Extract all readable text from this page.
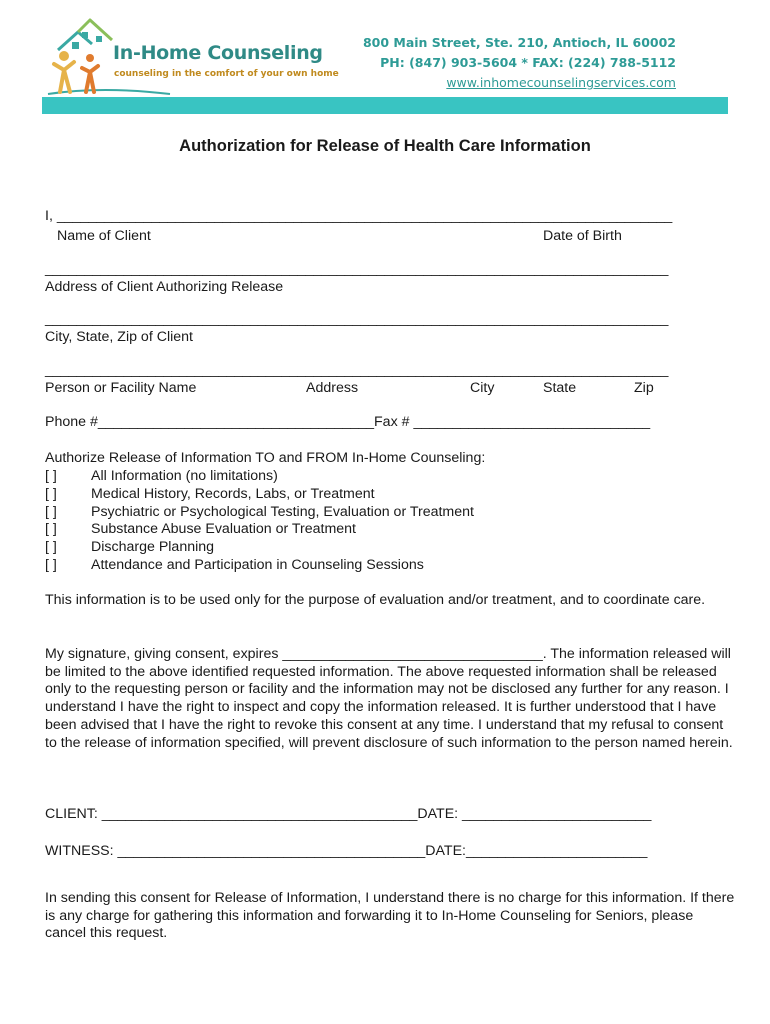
In-Home Counseling
counseling in the comfort of your own home
800 Main Street, Ste. 210, Antioch, IL 60002
PH: (847) 903-5604 * FAX: (224) 788-5112
www.inhomecounselingservices.com
Authorization for Release of Health Care Information
I, ______________________________________________________________________________
Name of Client	Date of Birth
_______________________________________________________________________________
Address of Client Authorizing Release
_______________________________________________________________________________
City, State, Zip of Client
_______________________________________________________________________________
Person or Facility Name	Address	City	State	Zip
Phone #___________________________________Fax # ______________________________
Authorize Release of Information TO and FROM In-Home Counseling:
[ ] All Information (no limitations)
[ ] Medical History, Records, Labs, or Treatment
[ ] Psychiatric or Psychological Testing, Evaluation or Treatment
[ ] Substance Abuse Evaluation or Treatment
[ ] Discharge Planning
[ ] Attendance and Participation in Counseling Sessions

This information is to be used only for the purpose of evaluation and/or treatment, and to coordinate care.

My signature, giving consent, expires _________________________________. The information released will be limited to the above identified requested information. The above requested information shall be released only to the requesting person or facility and the information may not be disclosed any further for any reason. I understand I have the right to inspect and copy the information released. It is further understood that I have been advised that I have the right to revoke this consent at any time. I understand that my refusal to consent to the release of information specified, will prevent disclosure of such information to the person named herein.

CLIENT: ________________________________________DATE: ________________________
WITNESS: _______________________________________DATE:_______________________

In sending this consent for Release of Information, I understand there is no charge for this information. If there is any charge for gathering this information and forwarding it to In-Home Counseling for Seniors, please cancel this request.
